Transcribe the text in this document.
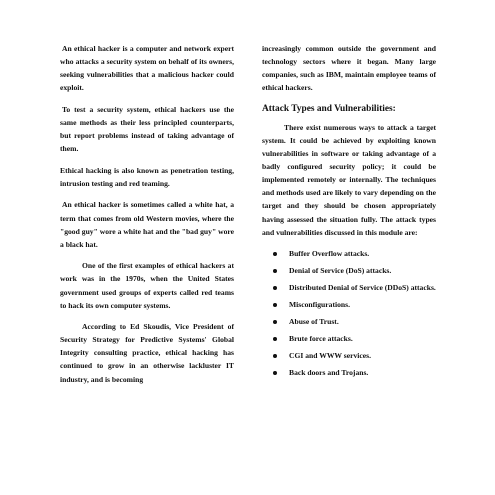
An ethical hacker is a computer and network expert who attacks a security system on behalf of its owners, seeking vulnerabilities that a malicious hacker could exploit.

To test a security system, ethical hackers use the same methods as their less principled counterparts, but report problems instead of taking advantage of them.

Ethical hacking is also known as penetration testing, intrusion testing and red teaming.

An ethical hacker is sometimes called a white hat, a term that comes from old Western movies, where the "good guy" wore a white hat and the "bad guy" wore a black hat.

One of the first examples of ethical hackers at work was in the 1970s, when the United States government used groups of experts called red teams to hack its own computer systems.

According to Ed Skoudis, Vice President of Security Strategy for Predictive Systems' Global Integrity consulting practice, ethical hacking has continued to grow in an otherwise lackluster IT industry, and is becoming

increasingly common outside the government and technology sectors where it began. Many large companies, such as IBM, maintain employee teams of ethical hackers.

Attack Types and Vulnerabilities:

There exist numerous ways to attack a target system. It could be achieved by exploiting known vulnerabilities in software or taking advantage of a badly configured security policy; it could be implemented remotely or internally. The techniques and methods used are likely to vary depending on the target and they should be chosen appropriately having assessed the situation fully. The attack types and vulnerabilities discussed in this module are:

Buffer Overflow attacks.
Denial of Service (DoS) attacks.
Distributed Denial of Service (DDoS) attacks.
Misconfigurations.
Abuse of Trust.
Brute force attacks.
CGI and WWW services.
Back doors and Trojans.
